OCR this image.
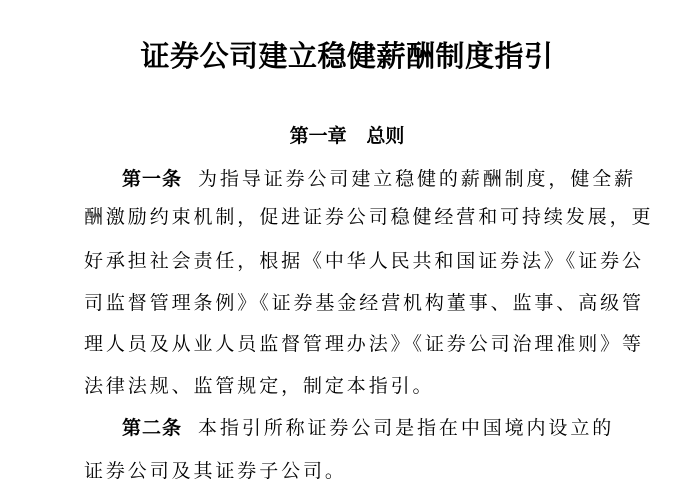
证券公司建立稳健薪酬制度指引
第一章   总则
第一条 为指导证券公司建立稳健的薪酬制度，健全薪
酬激励约束机制，促进证券公司稳健经营和可持续发展，更
好承担社会责任，根据《中华人民共和国证券法》《证券公
司监督管理条例》《证券基金经营机构董事、监事、高级管
理人员及从业人员监督管理办法》《证券公司治理准则》等
法律法规、监管规定，制定本指引。
第二条 本指引所称证券公司是指在中国境内设立的
证券公司及其证券子公司。
